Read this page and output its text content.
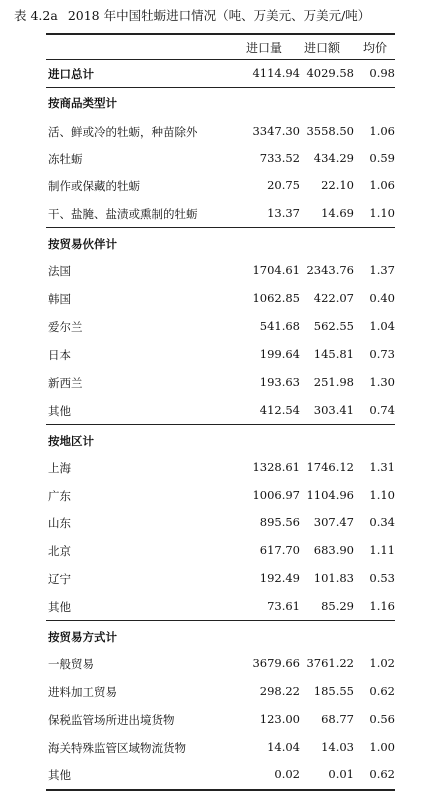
表 4.2a 2018 年中国牡蛎进口情况（吨、万美元、万美元/吨）
进口量 进口额 均价
进口总计	4114.94 4029.58 0.98
按商品类型计
活、鲜或冷的牡蛎，种苗除外	3347.30 3558.50 1.06
冻牡蛎	733.52 434.29 0.59
制作或保藏的牡蛎	20.75 22.10 1.06
干、盐腌、盐渍或熏制的牡蛎	13.37 14.69 1.10
按贸易伙伴计
法国	1704.61 2343.76 1.37
韩国	1062.85 422.07 0.40
爱尔兰	541.68 562.55 1.04
日本	199.64 145.81 0.73
新西兰	193.63 251.98 1.30
其他	412.54 303.41 0.74
按地区计
上海	1328.61 1746.12 1.31
广东	1006.97 1104.96 1.10
山东	895.56 307.47 0.34
北京	617.70 683.90 1.11
辽宁	192.49 101.83 0.53
其他	73.61 85.29 1.16
按贸易方式计
一般贸易	3679.66 3761.22 1.02
进料加工贸易	298.22 185.55 0.62
保税监管场所进出境货物	123.00 68.77 0.56
海关特殊监管区域物流货物	14.04 14.03 1.00
其他	0.02 0.01 0.62
